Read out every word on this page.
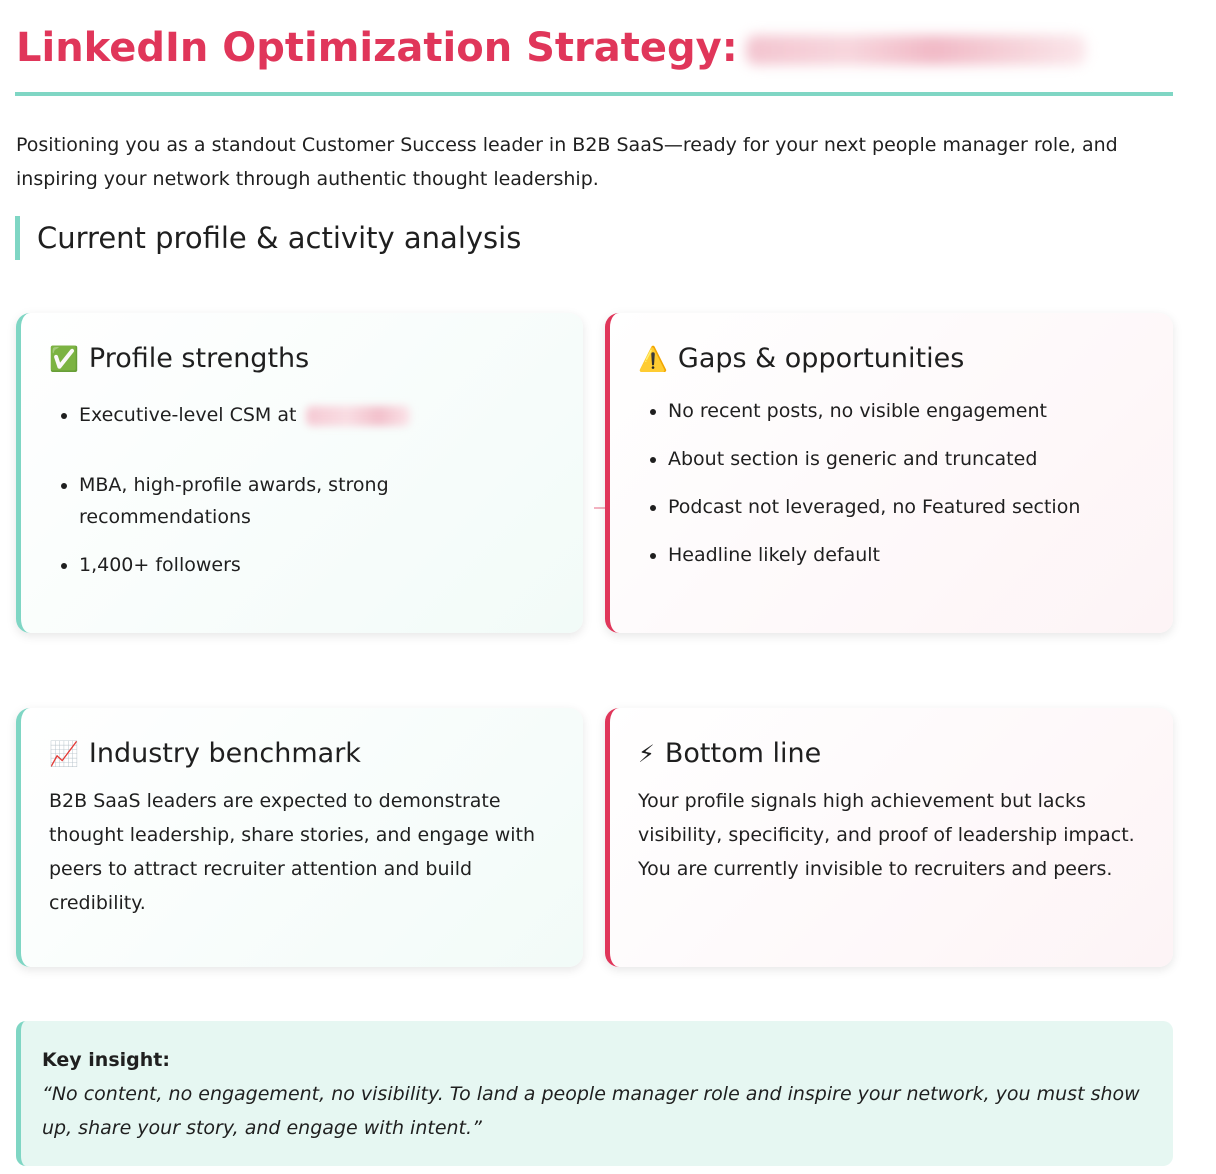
LinkedIn Optimization Strategy:

Positioning you as a standout Customer Success leader in B2B SaaS—ready for your next people manager role, and inspiring your network through authentic thought leadership.

Current profile & activity analysis
✅ Profile strengths
• Executive-level CSM at
• MBA, high-profile awards, strong recommendations
• 1,400+ followers
⚠️ Gaps & opportunities
• No recent posts, no visible engagement
• About section is generic and truncated
• Podcast not leveraged, no Featured section
• Headline likely default
📈 Industry benchmark

B2B SaaS leaders are expected to demonstrate thought leadership, share stories, and engage with peers to attract recruiter attention and build credibility.

⚡ Bottom line

Your profile signals high achievement but lacks visibility, specificity, and proof of leadership impact. You are currently invisible to recruiters and peers.

Key insight:

“No content, no engagement, no visibility. To land a people manager role and inspire your network, you must show up, share your story, and engage with intent.”
